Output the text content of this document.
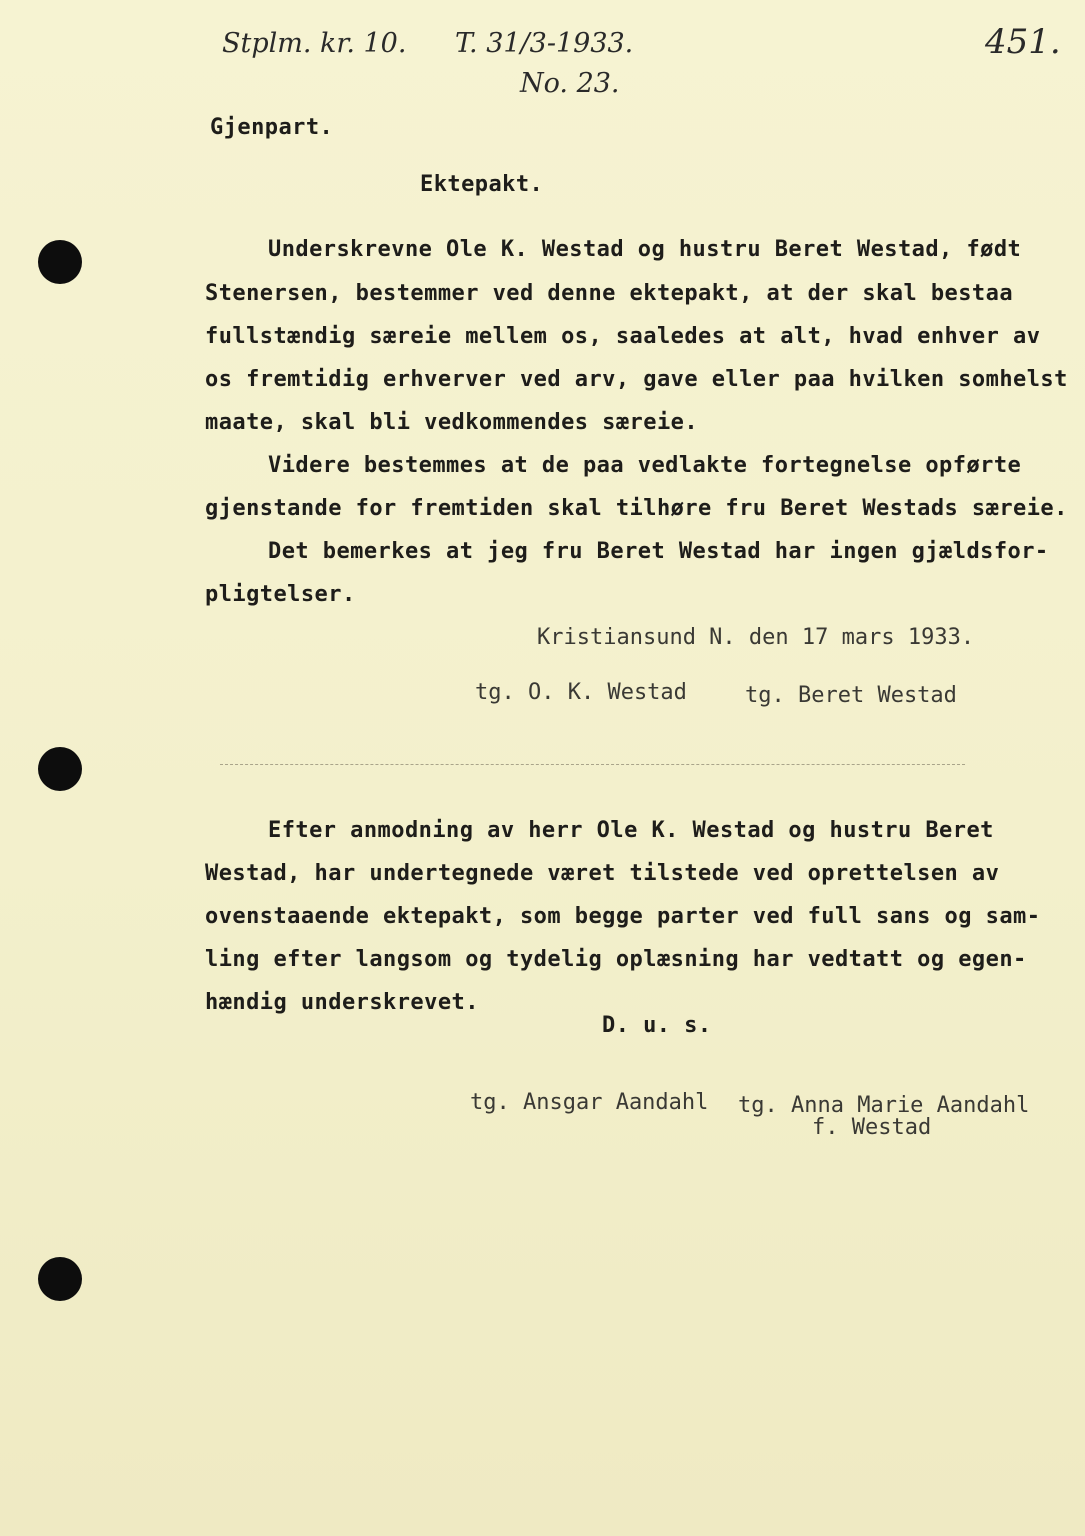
Stplm. kr. 10. T. 31/3-1933.
No. 23.
451.
Gjenpart.
Ektepakt.
Underskrevne Ole K. Westad og hustru Beret Westad, født
Stenersen, bestemmer ved denne ektepakt, at der skal bestaa
fullstændig særeie mellem os, saaledes at alt, hvad enhver av
os fremtidig erhverver ved arv, gave eller paa hvilken somhelst
maate, skal bli vedkommendes særeie.
Videre bestemmes at de paa vedlakte fortegnelse opførte
gjenstande for fremtiden skal tilhøre fru Beret Westads særeie.
Det bemerkes at jeg fru Beret Westad har ingen gjældsfor-
pligtelser.
Kristiansund N. den 17 mars 1933.
tg. O. K. Westad	tg. Beret Westad
Efter anmodning av herr Ole K. Westad og hustru Beret
Westad, har undertegnede været tilstede ved oprettelsen av
ovenstaaende ektepakt, som begge parter ved full sans og sam-
ling efter langsom og tydelig oplæsning har vedtatt og egen-
hændig underskrevet.
D. u. s.
tg. Ansgar Aandahl tg. Anna Marie Aandahl
f. Westad
